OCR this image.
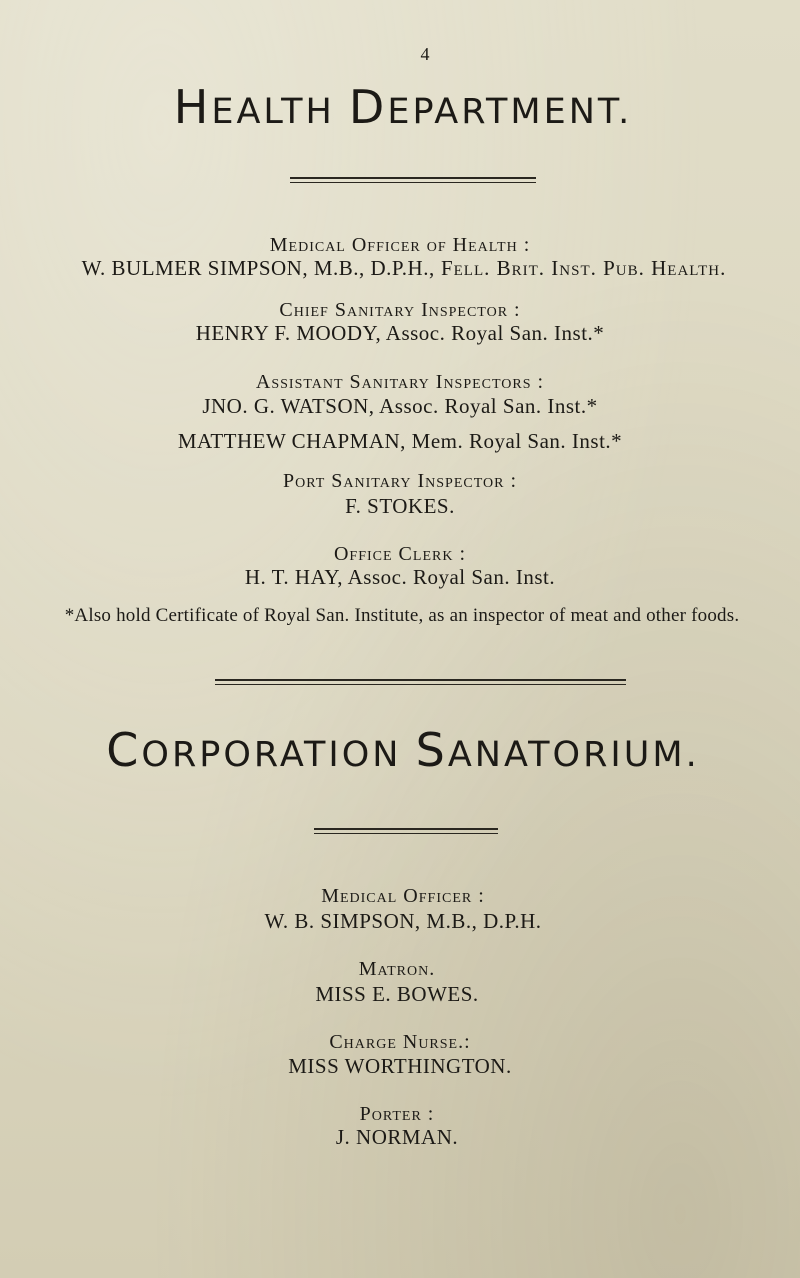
4
HEALTH DEPARTMENT.
Medical Officer of Health :
W. BULMER SIMPSON, M.B., D.P.H., Fell. Brit. Inst. Pub. Health.
Chief Sanitary Inspector :
HENRY F. MOODY, Assoc. Royal San. Inst.*
Assistant Sanitary Inspectors :
JNO. G. WATSON, Assoc. Royal San. Inst.*
MATTHEW CHAPMAN, Mem. Royal San. Inst.*
Port Sanitary Inspector :
F. STOKES.
Office Clerk :
H. T. HAY, Assoc. Royal San. Inst.
*Also hold Certificate of Royal San. Institute, as an inspector of meat and other foods.
CORPORATION SANATORIUM.
Medical Officer :
W. B. SIMPSON, M.B., D.P.H.
Matron.
MISS E. BOWES.
Charge Nurse.:
MISS WORTHINGTON.
Porter :
J. NORMAN.
